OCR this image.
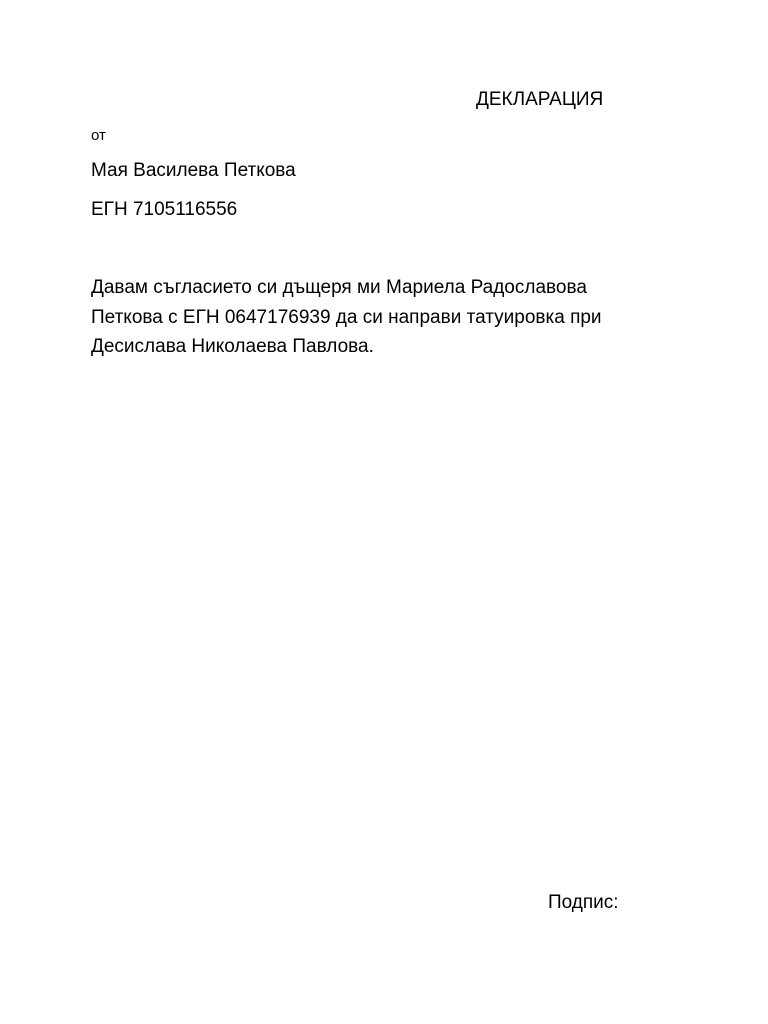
ДЕКЛАРАЦИЯ
от
Мая Василева Петкова
ЕГН 7105116556
Давам съгласието си дъщеря ми Мариела Радославова
Петкова с ЕГН 0647176939 да си направи татуировка при
Десислава Николаева Павлова.
Подпис:
